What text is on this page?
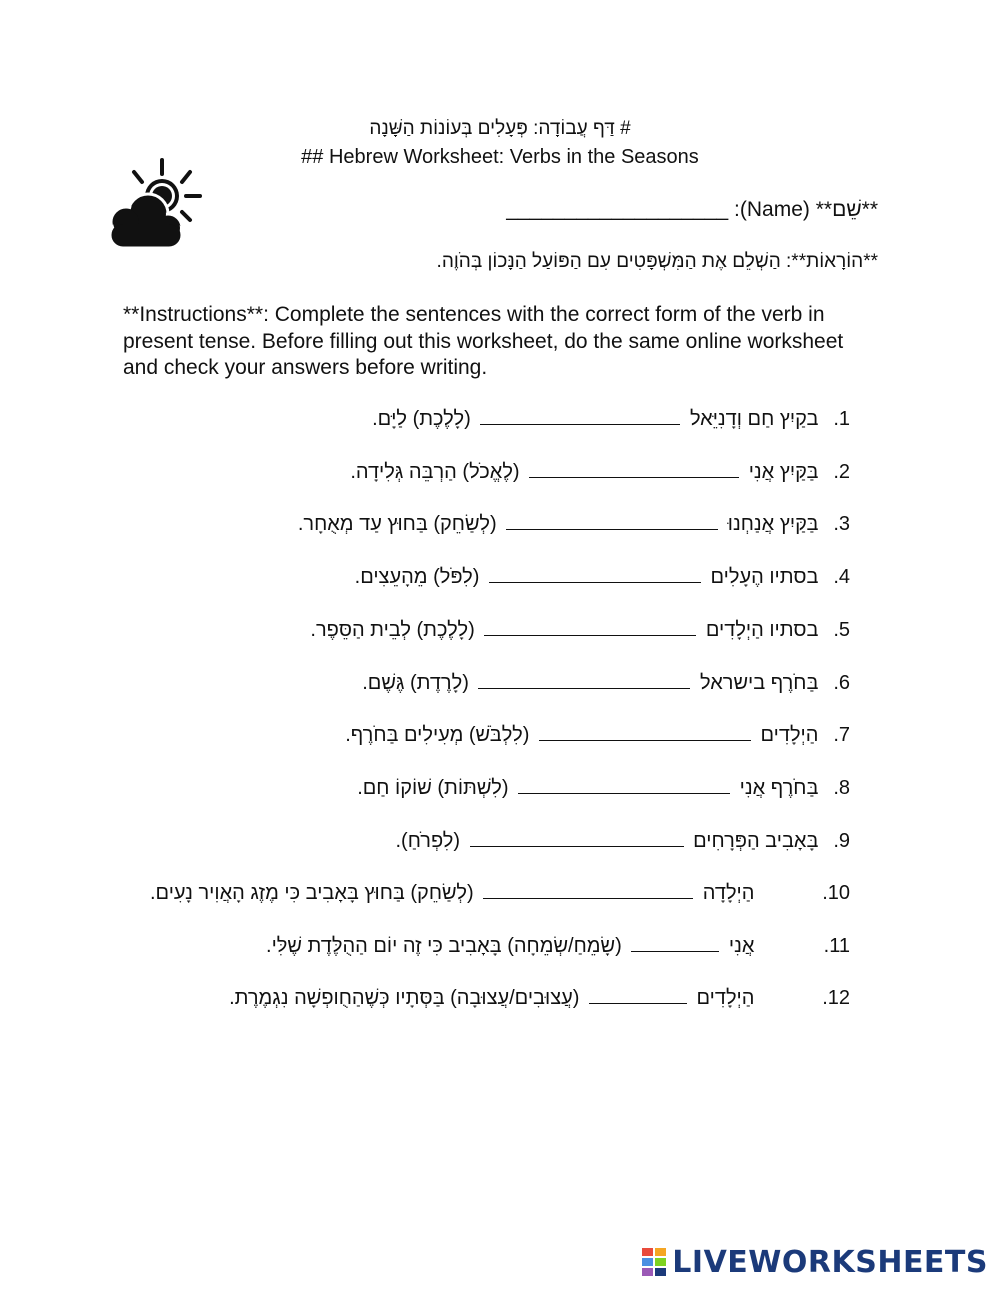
# דַּף עֲבוֹדָה: פְּעָלִים בְּעוֹנוֹת הַשָּׁנָה
## Hebrew Worksheet: Verbs in the Seasons
**שֵׁם** (Name): ___________________
**הוֹרָאוֹת**: הַשְׁלֵם אֶת הַמִּשְׁפָּטִים עִם הַפּוֹעַל הַנָּכוֹן בְּהֹוֶה.
**Instructions**: Complete the sentences with the correct form of the verb in present tense. Before filling out this worksheet, do the same online worksheet and check your answers before writing.
1. בקַיִץ חַם וְדָנִיֵּאל  (לָלֶכֶת) לַיָּם.
2. בַּקַּיִץ אֲנִי  (לֶאֱכֹל) הַרְבֵּה גְּלִידָה.
3. בַּקַּיִץ אֲנַחְנוּ  (לְשַׂחֵק) בַּחוּץ עַד מְאֻחָר.
4. בסתיו הֶעָלִים  (לִפֹּל) מֵהָעֵצִים.
5. בסתיו הַיְלָדִים  (לָלֶכֶת) לְבֵית הַסֵּפֶר.
6. בַּחֹרֶף בישראל  (לָרֶדֶת) גֶּשֶׁם.
7. הַיְלָדִים  (לִלְבֹּשׁ) מְעִילִים בַּחֹרֶף.
8. בַּחֹרֶף אֲנִי  (לִשְׁתּוֹת) שׁוֹקוֹ חַם.
9. בָּאָבִיב הַפְּרָחִים  (לִפְרֹחַ).
10. הַיְלָדָה  (לְשַׂחֵק) בַּחוּץ בָּאָבִיב כִּי מֶזֶג הָאֲוִיר נָעִים.
11. אֲנִי  (שָׂמֵחַ/שְׂמֵחָה) בָּאָבִיב כִּי זֶה יוֹם הַהֻלֶּדֶת שֶׁלִּי.
12. הַיְלָדִים  (עֲצוּבִים/עֲצוּבָה) בַּסְּתָיו כְּשֶׁהַחֻופְשָׁה נִגְמֶרֶת.
LIVEWORKSHEETS
